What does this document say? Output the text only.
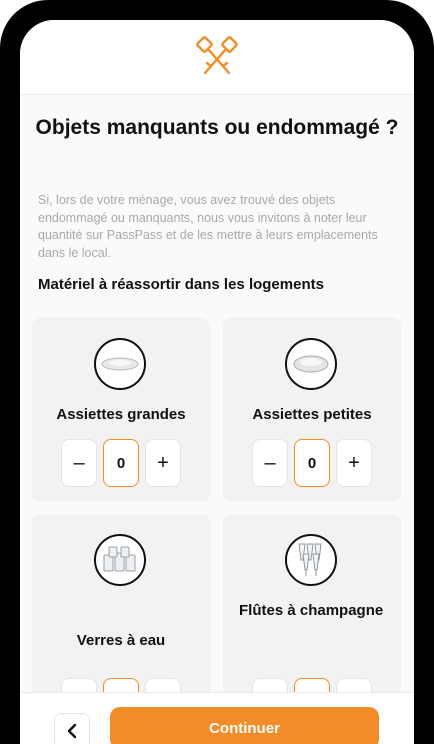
Objets manquants ou endommagé ?
Si, lors de votre ménage, vous avez trouvé des objets endommagé ou manquants, nous vous invitons à noter leur quantité sur PassPass et de les mettre à leurs emplacements dans le local.
Matériel à réassortir dans les logements
Assiettes grandes
–	0	+
Assiettes petites
–	0	+
Verres à eau
Flûtes à champagne
Continuer
